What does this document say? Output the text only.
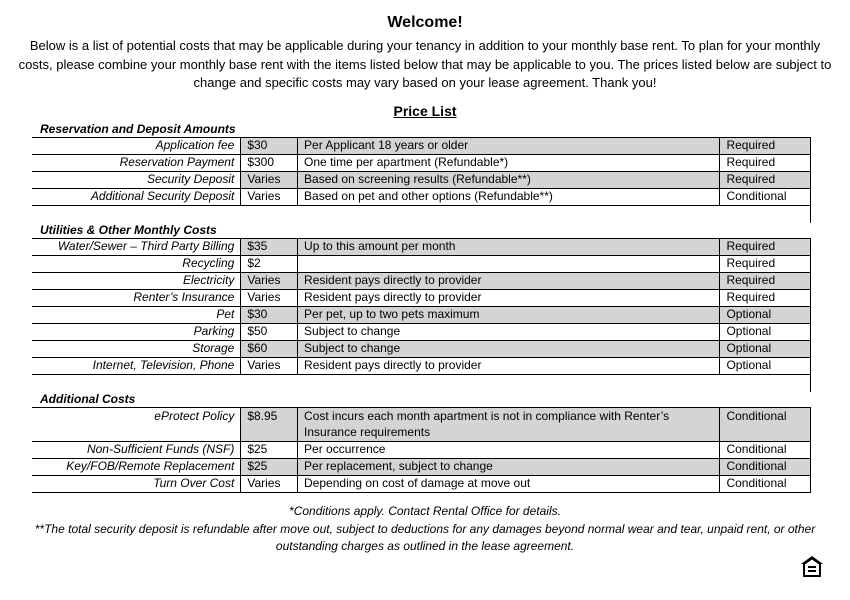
Welcome!
Below is a list of potential costs that may be applicable during your tenancy in addition to your monthly base rent. To plan for your monthly costs, please combine your monthly base rent with the items listed below that may be applicable to you. The prices listed below are subject to change and specific costs may vary based on your lease agreement. Thank you!
Price List
Reservation and Deposit Amounts			
Application fee	$30	Per Applicant 18 years or older	Required
Reservation Payment	$300	One time per apartment (Refundable*)	Required
Security Deposit	Varies	Based on screening results (Refundable**)	Required
Additional Security Deposit	Varies	Based on pet and other options (Refundable**)	Conditional

Utilities & Other Monthly Costs			
Water/Sewer – Third Party Billing	$35	Up to this amount per month	Required
Recycling	$2		Required
Electricity	Varies	Resident pays directly to provider	Required
Renter’s Insurance	Varies	Resident pays directly to provider	Required
Pet	$30	Per pet, up to two pets maximum	Optional
Parking	$50	Subject to change	Optional
Storage	$60	Subject to change	Optional
Internet, Television, Phone	Varies	Resident pays directly to provider	Optional

Additional Costs			
eProtect Policy	$8.95	Cost incurs each month apartment is not in compliance with Renter’s Insurance requirements	Conditional
Non-Sufficient Funds (NSF)	$25	Per occurrence	Conditional
Key/FOB/Remote Replacement	$25	Per replacement, subject to change	Conditional
Turn Over Cost	Varies	Depending on cost of damage at move out	Conditional
*Conditions apply. Contact Rental Office for details.
**The total security deposit is refundable after move out, subject to deductions for any damages beyond normal wear and tear, unpaid rent, or other outstanding charges as outlined in the lease agreement.
